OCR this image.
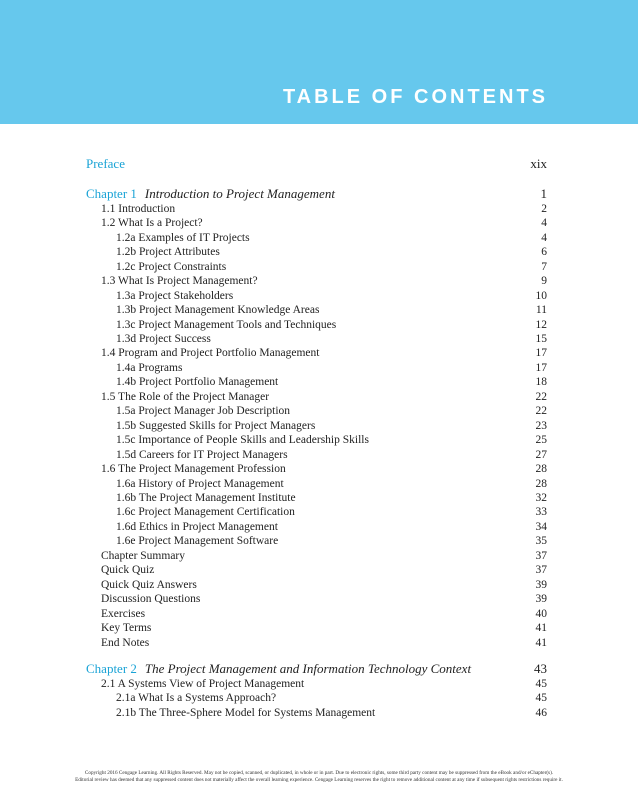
TABLE OF CONTENTS
Preface	xix
Chapter 1 Introduction to Project Management	1
1.1 Introduction	2
1.2 What Is a Project?	4
1.2a Examples of IT Projects	4
1.2b Project Attributes	6
1.2c Project Constraints	7
1.3 What Is Project Management?	9
1.3a Project Stakeholders	10
1.3b Project Management Knowledge Areas	11
1.3c Project Management Tools and Techniques	12
1.3d Project Success	15
1.4 Program and Project Portfolio Management	17
1.4a Programs	17
1.4b Project Portfolio Management	18
1.5 The Role of the Project Manager	22
1.5a Project Manager Job Description	22
1.5b Suggested Skills for Project Managers	23
1.5c Importance of People Skills and Leadership Skills	25
1.5d Careers for IT Project Managers	27
1.6 The Project Management Profession	28
1.6a History of Project Management	28
1.6b The Project Management Institute	32
1.6c Project Management Certification	33
1.6d Ethics in Project Management	34
1.6e Project Management Software	35
Chapter Summary	37
Quick Quiz	37
Quick Quiz Answers	39
Discussion Questions	39
Exercises	40
Key Terms	41
End Notes	41
Chapter 2 The Project Management and Information Technology Context	43
2.1 A Systems View of Project Management	45
2.1a What Is a Systems Approach?	45
2.1b The Three-Sphere Model for Systems Management	46
Copyright 2016 Cengage Learning. All Rights Reserved. May not be copied, scanned, or duplicated, in whole or in part. Due to electronic rights, some third party content may be suppressed from the eBook and/or eChapter(s).
Editorial review has deemed that any suppressed content does not materially affect the overall learning experience. Cengage Learning reserves the right to remove additional content at any time if subsequent rights restrictions require it.
